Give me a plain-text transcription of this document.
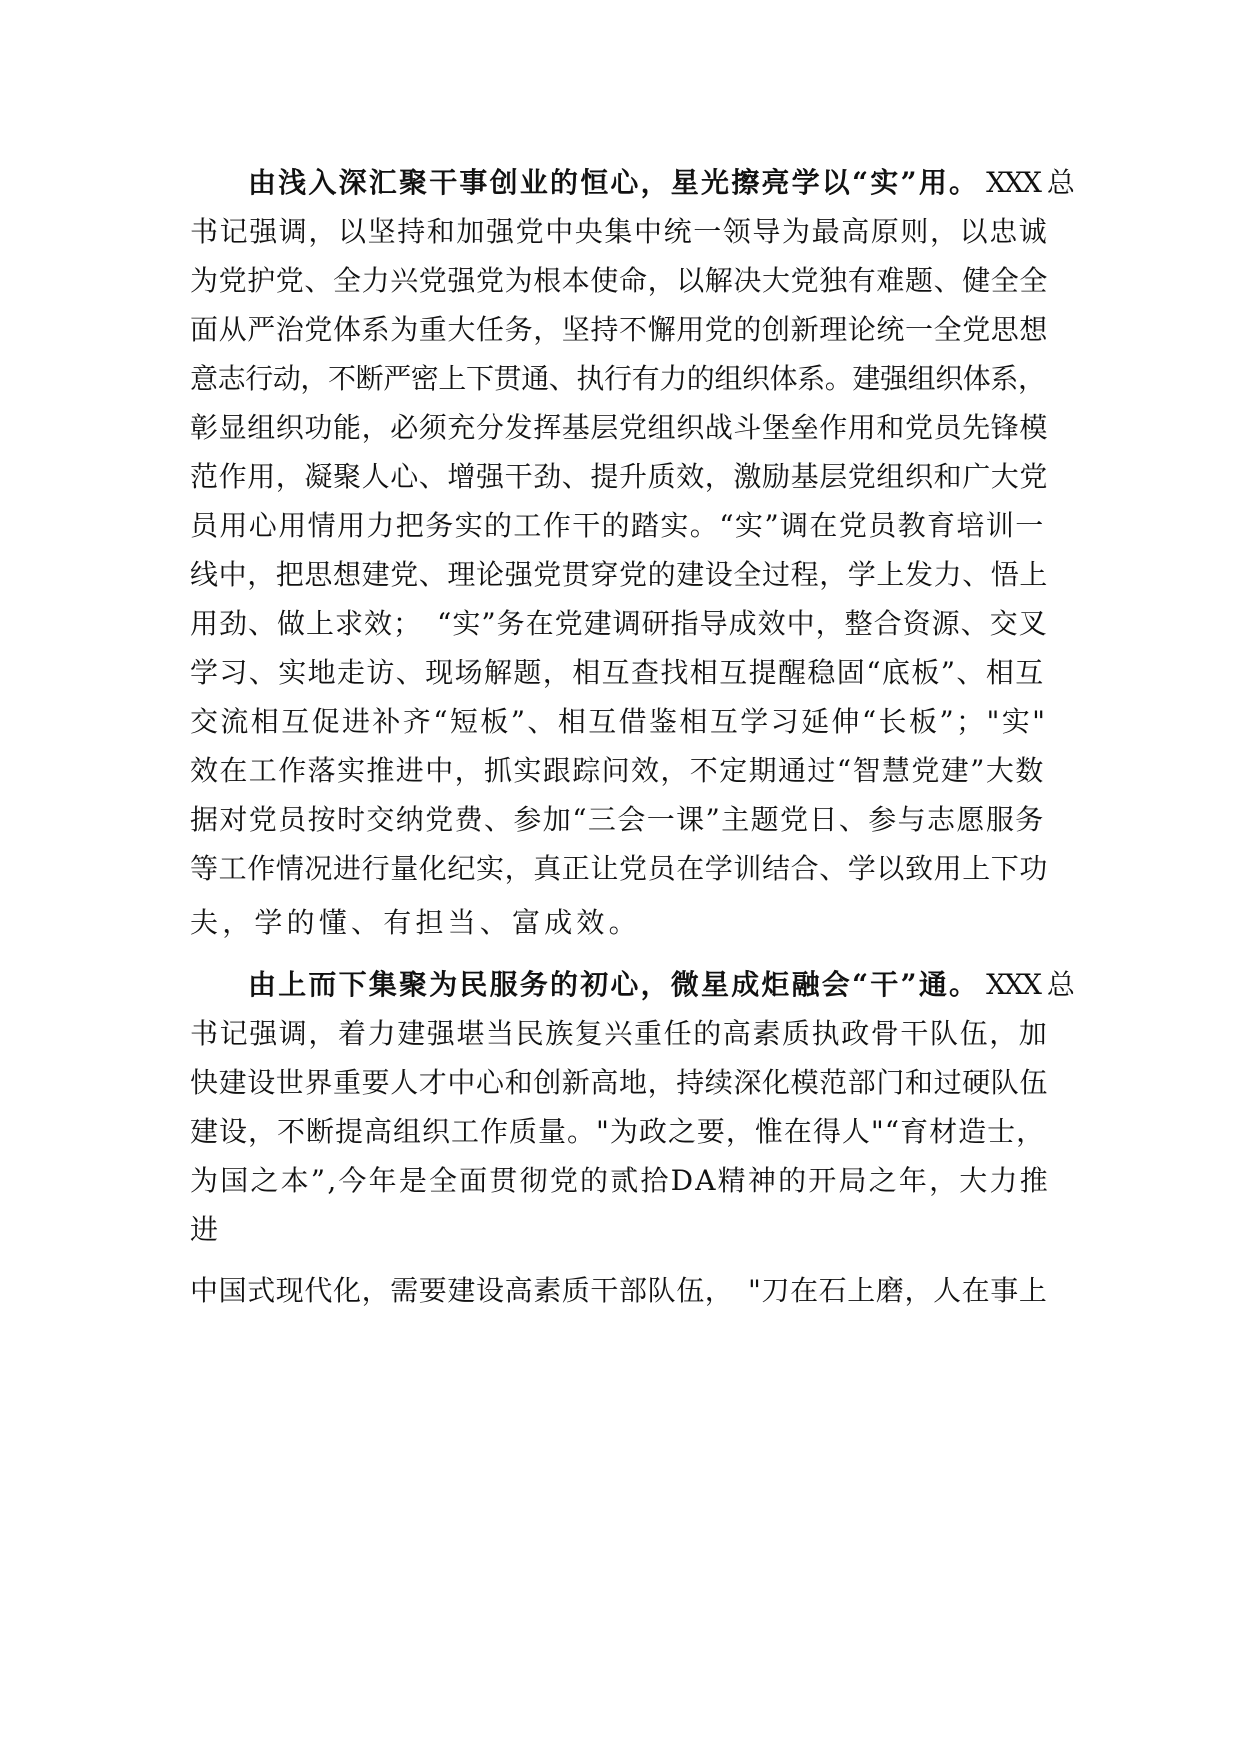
由浅入深汇聚干事创业的恒心，星光擦亮学以“实”用。 XXX 总
书记强调，以坚持和加强党中央集中统一领导为最高原则，以忠诚
为党护党、全力兴党强党为根本使命，以解决大党独有难题、健全全
面从严治党体系为重大任务，坚持不懈用党的创新理论统一全党思想
意志行动，不断严密上下贯通、执行有力的组织体系。建强组织体系，
彰显组织功能，必须充分发挥基层党组织战斗堡垒作用和党员先锋模
范作用，凝聚人心、增强干劲、提升质效，激励基层党组织和广大党
员用心用情用力把务实的工作干的踏实。“实”调在党员教育培训一
线中，把思想建党、理论强党贯穿党的建设全过程，学上发力、悟上
用劲、做上求效；　“实”务在党建调研指导成效中，整合资源、交叉
学习、实地走访、现场解题，相互查找相互提醒稳固“底板”、相互
交流相互促进补齐“短板”、相互借鉴相互学习延伸“长板”；"实"
效在工作落实推进中，抓实跟踪问效，不定期通过“智慧党建”大数
据对党员按时交纳党费、参加“三会一课”主题党日、参与志愿服务
等工作情况进行量化纪实，真正让党员在学训结合、学以致用上下功
夫，学的懂、有担当、富成效。
由上而下集聚为民服务的初心，微星成炬融会“干”通。 XXX 总
书记强调，着力建强堪当民族复兴重任的高素质执政骨干队伍，加
快建设世界重要人才中心和创新高地，持续深化模范部门和过硬队伍
建设，不断提高组织工作质量。"为政之要，惟在得人"“育材造士，
为国之本”,今年是全面贯彻党的贰拾DA精神的开局之年，大力推
进
中国式现代化，需要建设高素质干部队伍，　"刀在石上磨，人在事上
